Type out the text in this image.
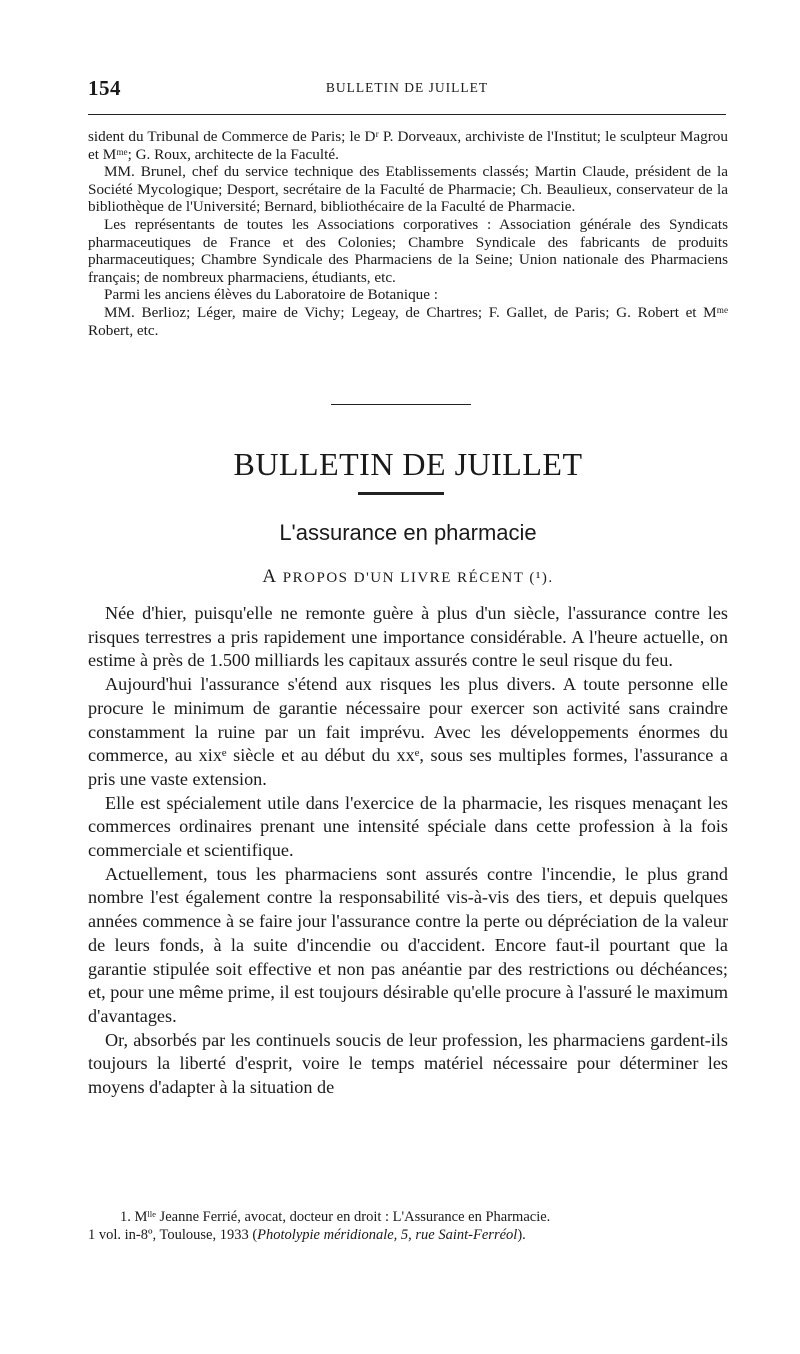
154	BULLETIN DE JUILLET

sident du Tribunal de Commerce de Paris; le Dʳ P. Dorveaux, archiviste de l'Institut; le sculpteur Magrou et Mᵐᵉ; G. Roux, architecte de la Faculté.

MM. Brunel, chef du service technique des Etablissements classés; Martin Claude, président de la Société Mycologique; Desport, secrétaire de la Faculté de Pharmacie; Ch. Beaulieux, conservateur de la bibliothèque de l'Université; Bernard, bibliothécaire de la Faculté de Pharmacie.

Les représentants de toutes les Associations corporatives : Association générale des Syndicats pharmaceutiques de France et des Colonies; Chambre Syndicale des fabricants de produits pharmaceutiques; Chambre Syndicale des Pharmaciens de la Seine; Union nationale des Pharmaciens français; de nombreux pharmaciens, étudiants, etc.

Parmi les anciens élèves du Laboratoire de Botanique :

MM. Berlioz; Léger, maire de Vichy; Legeay, de Chartres; F. Gallet, de Paris; G. Robert et Mᵐᵉ Robert, etc.

BULLETIN DE JUILLET
L'assurance en pharmacie
A PROPOS D'UN LIVRE RÉCENT (¹).

Née d'hier, puisqu'elle ne remonte guère à plus d'un siècle, l'assurance contre les risques terrestres a pris rapidement une importance considérable. A l'heure actuelle, on estime à près de 1.500 milliards les capitaux assurés contre le seul risque du feu.

Aujourd'hui l'assurance s'étend aux risques les plus divers. A toute personne elle procure le minimum de garantie nécessaire pour exercer son activité sans craindre constamment la ruine par un fait imprévu. Avec les développements énormes du commerce, au xixᵉ siècle et au début du xxᵉ, sous ses multiples formes, l'assurance a pris une vaste extension.

Elle est spécialement utile dans l'exercice de la pharmacie, les risques menaçant les commerces ordinaires prenant une intensité spéciale dans cette profession à la fois commerciale et scientifique.

Actuellement, tous les pharmaciens sont assurés contre l'incendie, le plus grand nombre l'est également contre la responsabilité vis-à-vis des tiers, et depuis quelques années commence à se faire jour l'assurance contre la perte ou dépréciation de la valeur de leurs fonds, à la suite d'incendie ou d'accident. Encore faut-il pourtant que la garantie stipulée soit effective et non pas anéantie par des restrictions ou déchéances; et, pour une même prime, il est toujours désirable qu'elle procure à l'assuré le maximum d'avantages.

Or, absorbés par les continuels soucis de leur profession, les pharmaciens gardent-ils toujours la liberté d'esprit, voire le temps matériel nécessaire pour déterminer les moyens d'adapter à la situation de

1. Mˡˡᵉ Jeanne Ferrié, avocat, docteur en droit : L'Assurance en Pharmacie.

1 vol. in-8º, Toulouse, 1933 (Photolypie méridionale, 5, rue Saint-Ferréol).
